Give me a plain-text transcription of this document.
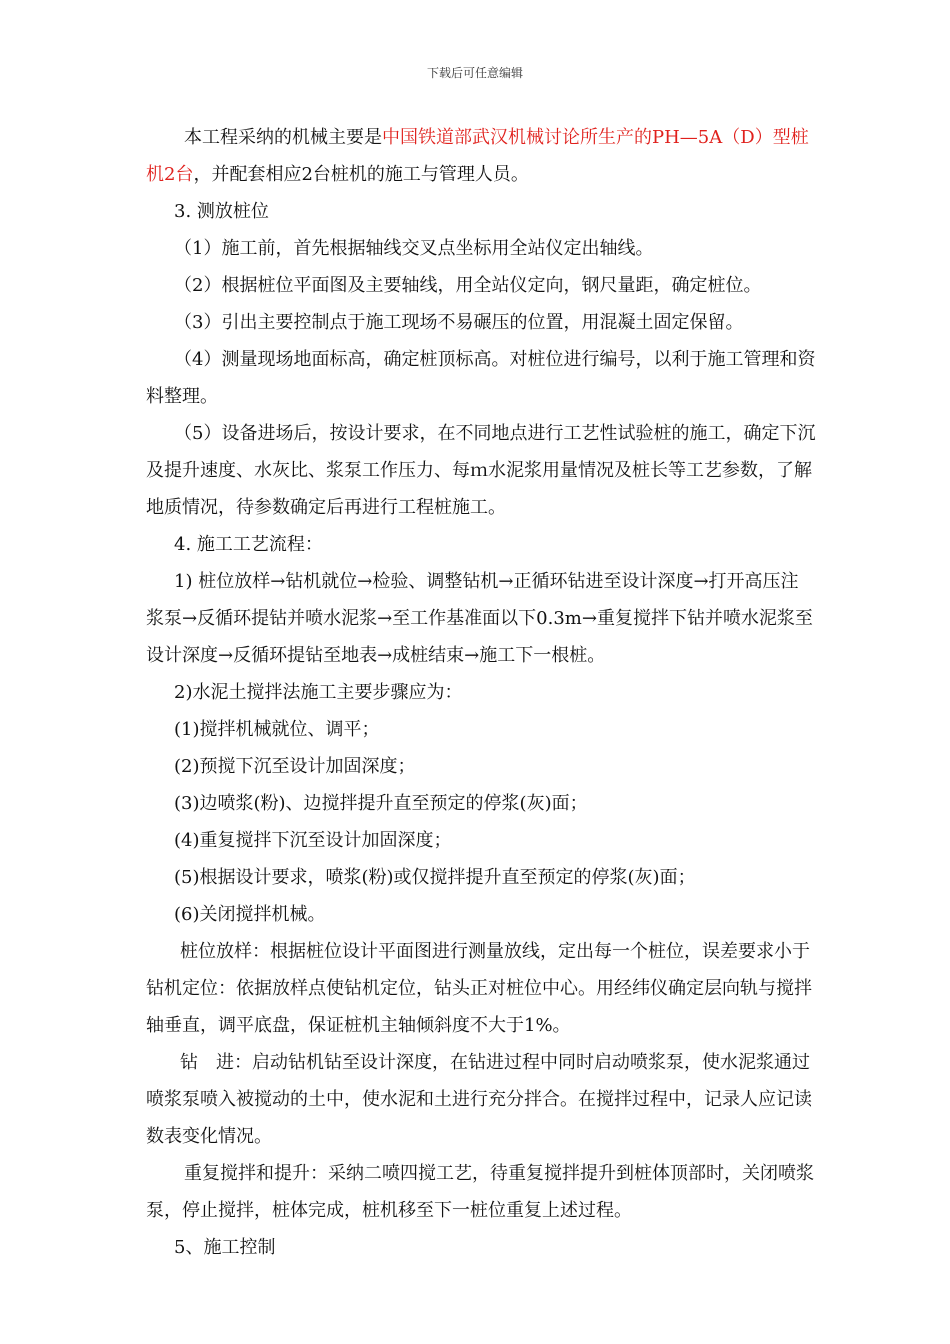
下载后可任意编辑

本工程采纳的机械主要是中国铁道部武汉机械讨论所生产的PH—5A（D）型桩机2台，并配套相应2台桩机的施工与管理人员。

3. 测放桩位

（1）施工前，首先根据轴线交叉点坐标用全站仪定出轴线。

（2）根据桩位平面图及主要轴线，用全站仪定向，钢尺量距，确定桩位。

（3）引出主要控制点于施工现场不易碾压的位置，用混凝土固定保留。

（4）测量现场地面标高，确定桩顶标高。对桩位进行编号，以利于施工管理和资料整理。

（5）设备进场后，按设计要求，在不同地点进行工艺性试验桩的施工，确定下沉及提升速度、水灰比、浆泵工作压力、每ｍ水泥浆用量情况及桩长等工艺参数，了解地质情况，待参数确定后再进行工程桩施工。

4. 施工工艺流程：

1) 桩位放样→钻机就位→检验、调整钻机→正循环钻进至设计深度→打开高压注浆泵→反循环提钻并喷水泥浆→至工作基准面以下0.3m→重复搅拌下钻并喷水泥浆至设计深度→反循环提钻至地表→成桩结束→施工下一根桩。

2)水泥土搅拌法施工主要步骤应为：

(1)搅拌机械就位、调平；

(2)预搅下沉至设计加固深度；

(3)边喷浆(粉)、边搅拌提升直至预定的停浆(灰)面；

(4)重复搅拌下沉至设计加固深度；

(5)根据设计要求，喷浆(粉)或仅搅拌提升直至预定的停浆(灰)面；

(6)关闭搅拌机械。

桩位放样：根据桩位设计平面图进行测量放线，定出每一个桩位，误差要求小于钻机定位：依据放样点使钻机定位，钻头正对桩位中心。用经纬仪确定层向轨与搅拌轴垂直，调平底盘，保证桩机主轴倾斜度不大于1%。

钻　进：启动钻机钻至设计深度，在钻进过程中同时启动喷浆泵，使水泥浆通过喷浆泵喷入被搅动的土中，使水泥和土进行充分拌合。在搅拌过程中，记录人应记读数表变化情况。

重复搅拌和提升：采纳二喷四搅工艺，待重复搅拌提升到桩体顶部时，关闭喷浆泵，停止搅拌，桩体完成，桩机移至下一桩位重复上述过程。

5、施工控制
